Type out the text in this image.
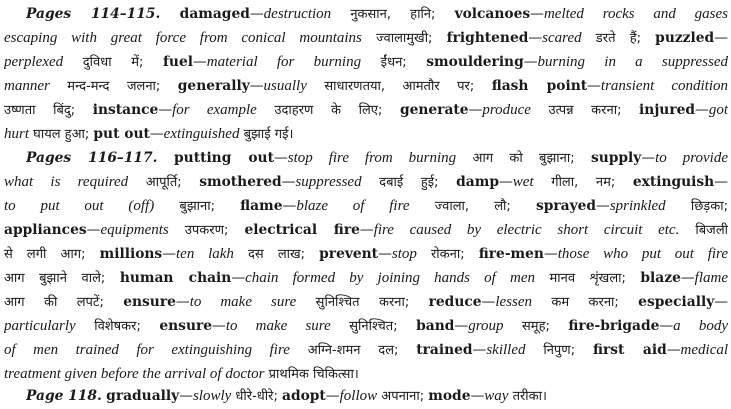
Pages 114–115. damaged—destruction नुकसान, हानि; volcanoes—melted rocks and gases
escaping with great force from conical mountains ज्वालामुखी; frightened—scared डरते हैं; puzzled—
perplexed दुविधा में; fuel—material for burning ईंधन; smouldering—burning in a suppressed
manner मन्द-मन्द जलना; generally—usually साधारणतया, आमतौर पर; flash point—transient condition
उष्णता बिंदु; instance—for example उदाहरण के लिए; generate—produce उत्पन्न करना; injured—got
hurt घायल हुआ; put out—extinguished बुझाई गई।
Pages 116–117. putting out—stop fire from burning आग को बुझाना; supply—to provide
what is required आपूर्ति; smothered—suppressed दबाई हुई; damp—wet गीला, नम; extinguish—
to put out (off) बुझाना; flame—blaze of fire ज्वाला, लौ; sprayed—sprinkled छिड़का;
appliances—equipments उपकरण; electrical fire—fire caused by electric short circuit etc. बिजली
से लगी आग; millions—ten lakh दस लाख; prevent—stop रोकना; fire-men—those who put out fire
आग बुझाने वाले; human chain—chain formed by joining hands of men मानव शृंखला; blaze—flame
आग की लपटें; ensure—to make sure सुनिश्चित करना; reduce—lessen कम करना; especially—
particularly विशेषकर; ensure—to make sure सुनिश्चित; band—group समूह; fire-brigade—a body
of men trained for extinguishing fire अग्नि-शमन दल; trained—skilled निपुण; first aid—medical
treatment given before the arrival of doctor प्राथमिक चिकित्सा।
Page 118. gradually—slowly धीरे-धीरे; adopt—follow अपनाना; mode—way तरीका।
